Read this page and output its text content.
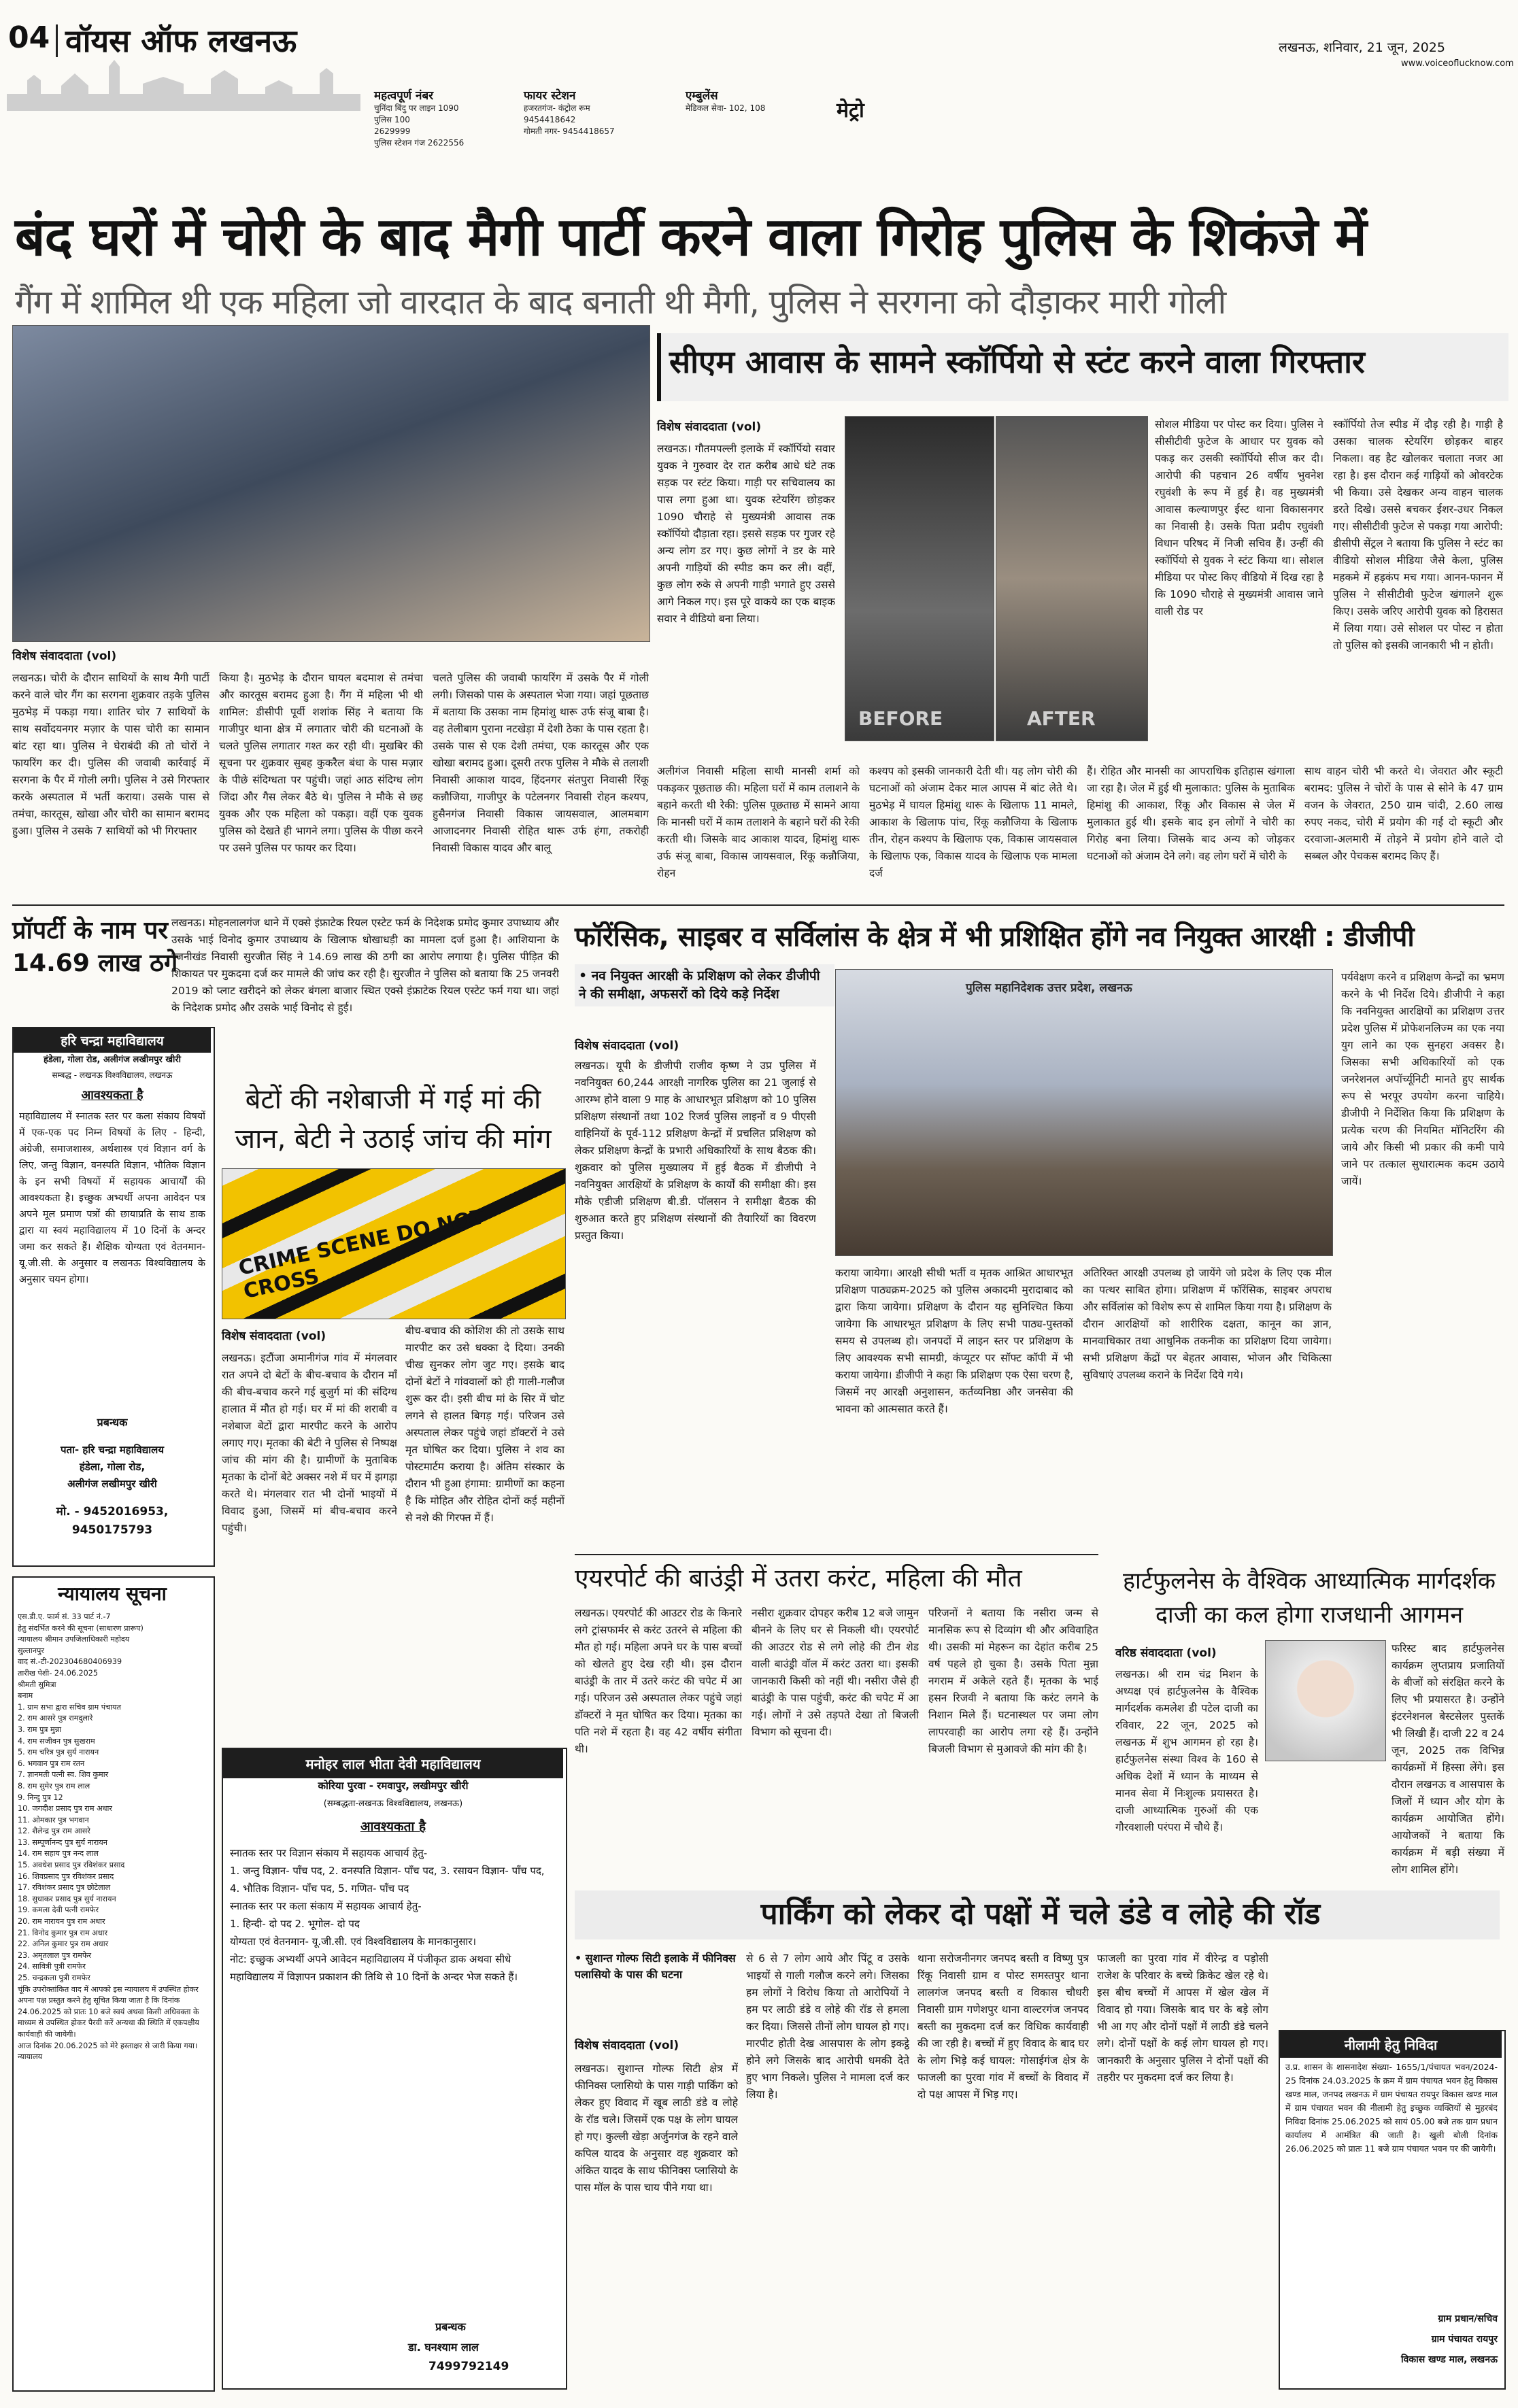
04 वॉयस ऑफ लखनऊ
महत्वपूर्ण नंबर
चुनिंदा बिंदु पर लाइन 1090
पुलिस 100
2629999
पुलिस स्टेशन गंज 2622556
फायर स्टेशन
हजरतगंज- कंट्रोल रूम
9454418642
गोमती नगर- 9454418657
एम्बुलेंस
मेडिकल सेवा- 102, 108	मेट्रो
लखनऊ, शनिवार, 21 जून, 2025
www.voiceoflucknow.com
बंद घरों में चोरी के बाद मैगी पार्टी करने वाला गिरोह पुलिस के शिकंजे में
गैंग में शामिल थी एक महिला जो वारदात के बाद बनाती थी मैगी, पुलिस ने सरगना को दौड़ाकर मारी गोली
विशेष संवाददाता (vol)
लखनऊ। चोरी के दौरान साथियों के साथ मैगी पार्टी करने वाले चोर गैंग का सरगना शुक्रवार तड़के पुलिस मुठभेड़ में पकड़ा गया। शातिर चोर 7 साथियों के साथ सर्वोदयनगर मज़ार के पास चोरी का सामान बांट रहा था। पुलिस ने घेराबंदी की तो चोरों ने फायरिंग कर दी। पुलिस की जवाबी कार्रवाई में सरगना के पैर में गोली लगी। पुलिस ने उसे गिरफ्तार करके अस्पताल में भर्ती कराया। उसके पास से तमंचा, कारतूस, खोखा और चोरी का सामान बरामद हुआ। पुलिस ने उसके 7 साथियों को भी गिरफ्तार
किया है। मुठभेड़ के दौरान घायल बदमाश से तमंचा और कारतूस बरामद हुआ है। गैंग में महिला भी थी शामिल: डीसीपी पूर्वी शशांक सिंह ने बताया कि गाजीपुर थाना क्षेत्र में लगातार चोरी की घटनाओं के चलते पुलिस लगातार गश्त कर रही थी। मुखबिर की सूचना पर शुक्रवार सुबह कुकरैल बंधा के पास मज़ार के पीछे संदिग्धता पर पहुंची। जहां आठ संदिग्ध लोग जिंदा और गैस लेकर बैठे थे। पुलिस ने मौके से छह युवक और एक महिला को पकड़ा। वहीं एक युवक पुलिस को देखते ही भागने लगा। पुलिस के पीछा करने पर उसने पुलिस पर फायर कर दिया।
चलते पुलिस की जवाबी फायरिंग में उसके पैर में गोली लगी। जिसको पास के अस्पताल भेजा गया। जहां पूछताछ में बताया कि उसका नाम हिमांशु थारू उर्फ संजू बाबा है। वह तेलीबाग पुराना नटखेड़ा में देशी ठेका के पास रहता है। उसके पास से एक देशी तमंचा, एक कारतूस और एक खोखा बरामद हुआ। दूसरी तरफ पुलिस ने मौके से तलाशी निवासी आकाश यादव, हिंदनगर संतपुरा निवासी रिंकू कन्नौजिया, गाजीपुर के पटेलनगर निवासी रोहन कश्यप, हुसैनगंज निवासी विकास जायसवाल, आलमबाग आजादनगर निवासी रोहित थारू उर्फ हंगा, तकरोही निवासी विकास यादव और बालू
सीएम आवास के सामने स्कॉर्पियो से स्टंट करने वाला गिरफ्तार
विशेष संवाददाता (vol)
लखनऊ। गौतमपल्ली इलाके में स्कॉर्पियो सवार युवक ने गुरुवार देर रात करीब आधे घंटे तक सड़क पर स्टंट किया। गाड़ी पर सचिवालय का पास लगा हुआ था। युवक स्टेयरिंग छोड़कर 1090 चौराहे से मुख्यमंत्री आवास तक स्कॉर्पियो दौड़ाता रहा। इससे सड़क पर गुजर रहे अन्य लोग डर गए। कुछ लोगों ने डर के मारे अपनी गाड़ियों की स्पीड कम कर ली। वहीं, कुछ लोग रुके से अपनी गाड़ी भगाते हुए उससे आगे निकल गए। इस पूरे वाकये का एक बाइक सवार ने वीडियो बना लिया।
BEFORE	AFTER
सोशल मीडिया पर पोस्ट कर दिया। पुलिस ने सीसीटीवी फुटेज के आधार पर युवक को पकड़ कर उसकी स्कॉर्पियो सीज कर दी। आरोपी की पहचान 26 वर्षीय भुवनेश रघुवंशी के रूप में हुई है। वह मुख्यमंत्री आवास कल्याणपुर ईस्ट थाना विकासनगर का निवासी है। उसके पिता प्रदीप रघुवंशी विधान परिषद में निजी सचिव हैं। उन्हीं की स्कॉर्पियो से युवक ने स्टंट किया था। सोशल मीडिया पर पोस्ट किए वीडियो में दिख रहा है कि 1090 चौराहे से मुख्यमंत्री आवास जाने वाली रोड पर
स्कॉर्पियो तेज स्पीड में दौड़ रही है। गाड़ी है उसका चालक स्टेयरिंग छोड़कर बाहर निकला। वह हैट खोलकर चलाता नजर आ रहा है। इस दौरान कई गाड़ियों को ओवरटेक भी किया। उसे देखकर अन्य वाहन चालक डरते दिखे। उससे बचकर ईशर-उधर निकल गए। सीसीटीवी फुटेज से पकड़ा गया आरोपी: डीसीपी सेंट्रल ने बताया कि पुलिस ने स्टंट का वीडियो सोशल मीडिया जैसे केला, पुलिस महकमे में हड़कंप मच गया। आनन-फानन में पुलिस ने सीसीटीवी फुटेज खंगालने शुरू किए। उसके जरिए आरोपी युवक को हिरासत में लिया गया। उसे सोशल पर पोस्ट न होता तो पुलिस को इसकी जानकारी भी न होती।
अलीगंज निवासी महिला साथी मानसी शर्मा को पकड़कर पूछताछ की। महिला घरों में काम तलाशने के बहाने करती थी रेकी: पुलिस पूछताछ में सामने आया कि मानसी घरों में काम तलाशने के बहाने घरों की रेकी करती थी। जिसके बाद आकाश यादव, हिमांशु थारू उर्फ संजू बाबा, विकास जायसवाल, रिंकू कन्नौजिया, रोहन
कश्यप को इसकी जानकारी देती थी। यह लोग चोरी की घटनाओं को अंजाम देकर माल आपस में बांट लेते थे। मुठभेड़ में घायल हिमांशु थारू के खिलाफ 11 मामले, आकाश के खिलाफ पांच, रिंकू कन्नौजिया के खिलाफ तीन, रोहन कश्यप के खिलाफ एक, विकास जायसवाल के खिलाफ एक, विकास यादव के खिलाफ एक मामला दर्ज
हैं। रोहित और मानसी का आपराधिक इतिहास खंगाला जा रहा है। जेल में हुई थी मुलाकात: पुलिस के मुताबिक हिमांशु की आकाश, रिंकू और विकास से जेल में मुलाकात हुई थी। इसके बाद इन लोगों ने चोरी का गिरोह बना लिया। जिसके बाद अन्य को जोड़कर घटनाओं को अंजाम देने लगे। वह लोग घरों में चोरी के
साथ वाहन चोरी भी करते थे। जेवरात और स्कूटी बरामद: पुलिस ने चोरों के पास से सोने के 47 ग्राम वजन के जेवरात, 250 ग्राम चांदी, 2.60 लाख रुपए नकद, चोरी में प्रयोग की गई दो स्कूटी और दरवाजा-अलमारी में तोड़ने में प्रयोग होने वाले दो सब्बल और पेचकस बरामद किए हैं।
प्रॉपर्टी के नाम पर
14.69 लाख ठगे
लखनऊ। मोहनलालगंज थाने में एक्से इंफ्राटेक रियल एस्टेट फर्म के निदेशक प्रमोद कुमार उपाध्याय और उसके भाई विनोद कुमार उपाध्याय के खिलाफ धोखाधड़ी का मामला दर्ज हुआ है। आशियाना के रजनीखंड निवासी सुरजीत सिंह ने 14.69 लाख की ठगी का आरोप लगाया है। पुलिस पीड़ित की शिकायत पर मुकदमा दर्ज कर मामले की जांच कर रही है। सुरजीत ने पुलिस को बताया कि 25 जनवरी 2019 को प्लाट खरीदने को लेकर बंगला बाजार स्थित एक्से इंफ्राटेक रियल एस्टेट फर्म गया था। जहां के निदेशक प्रमोद और उसके भाई विनोद से हुई।
फॉरेंसिक, साइबर व सर्विलांस के क्षेत्र में भी प्रशिक्षित होंगे नव नियुक्त आरक्षी : डीजीपी
• नव नियुक्त आरक्षी के प्रशिक्षण को लेकर डीजीपी ने की समीक्षा, अफसरों को दिये कड़े निर्देश
विशेष संवाददाता (vol)
लखनऊ। यूपी के डीजीपी राजीव कृष्ण ने उप्र पुलिस में नवनियुक्त 60,244 आरक्षी नागरिक पुलिस का 21 जुलाई से आरम्भ होने वाला 9 माह के आधारभूत प्रशिक्षण को 10 पुलिस प्रशिक्षण संस्थानों तथा 102 रिजर्व पुलिस लाइनों व 9 पीएसी वाहिनियों के पूर्व-112 प्रशिक्षण केन्द्रों में प्रचलित प्रशिक्षण को लेकर प्रशिक्षण केन्द्रों के प्रभारी अधिकारियों के साथ बैठक की। शुक्रवार को पुलिस मुख्यालय में हुई बैठक में डीजीपी ने नवनियुक्त आरक्षियों के प्रशिक्षण के कार्यों की समीक्षा की। इस मौके एडीजी प्रशिक्षण बी.डी. पॉलसन ने समीक्षा बैठक की शुरुआत करते हुए प्रशिक्षण संस्थानों की तैयारियों का विवरण प्रस्तुत किया।
पुलिस महानिदेशक उत्तर प्रदेश, लखनऊ
कराया जायेगा। आरक्षी सीधी भर्ती व मृतक आश्रित आधारभूत प्रशिक्षण पाठ्यक्रम-2025 को पुलिस अकादमी मुरादाबाद को द्वारा किया जायेगा। प्रशिक्षण के दौरान यह सुनिश्चित किया जायेगा कि आधारभूत प्रशिक्षण के लिए सभी पाठ्य-पुस्तकों समय से उपलब्ध हो। जनपदों में लाइन स्तर पर प्रशिक्षण के लिए आवश्यक सभी सामग्री, कंप्यूटर पर सॉफ्ट कॉपी में भी कराया जायेगा। डीजीपी ने कहा कि प्रशिक्षण एक ऐसा चरण है, जिसमें नए आरक्षी अनुशासन, कर्तव्यनिष्ठा और जनसेवा की भावना को आत्मसात करते हैं।
अतिरिक्त आरक्षी उपलब्ध हो जायेंगे जो प्रदेश के लिए एक मील का पत्थर साबित होगा। प्रशिक्षण में फॉरेंसिक, साइबर अपराध और सर्विलांस को विशेष रूप से शामिल किया गया है। प्रशिक्षण के दौरान आरक्षियों को शारीरिक दक्षता, कानून का ज्ञान, मानवाधिकार तथा आधुनिक तकनीक का प्रशिक्षण दिया जायेगा। सभी प्रशिक्षण केंद्रों पर बेहतर आवास, भोजन और चिकित्सा सुविधाएं उपलब्ध कराने के निर्देश दिये गये।
पर्यवेक्षण करने व प्रशिक्षण केन्द्रों का भ्रमण करने के भी निर्देश दिये। डीजीपी ने कहा कि नवनियुक्त आरक्षियों का प्रशिक्षण उत्तर प्रदेश पुलिस में प्रोफेशनलिज्म का एक नया युग लाने का एक सुनहरा अवसर है। जिसका सभी अधिकारियों को एक जनरेशनल अपॉर्च्यूनिटी मानते हुए सार्थक रूप से भरपूर उपयोग करना चाहिये। डीजीपी ने निर्देशित किया कि प्रशिक्षण के प्रत्येक चरण की नियमित मॉनिटरिंग की जाये और किसी भी प्रकार की कमी पाये जाने पर तत्काल सुधारात्मक कदम उठाये जायें।
हरि चन्द्रा महाविद्यालय
हंडेला, गोला रोड, अलीगंज लखीमपुर खीरी
सम्बद्ध - लखनऊ विश्वविद्यालय, लखनऊ
आवश्यकता है
महाविद्यालय में स्नातक स्तर पर कला संकाय विषयों में एक-एक पद निम्न विषयों के लिए - हिन्दी, अंग्रेजी, समाजशास्त्र, अर्थशास्त्र एवं विज्ञान वर्ग के लिए, जन्तु विज्ञान, वनस्पति विज्ञान, भौतिक विज्ञान के इन सभी विषयों में सहायक आचार्यों की आवश्यकता है। इच्छुक अभ्यर्थी अपना आवेदन पत्र अपने मूल प्रमाण पत्रों की छायाप्रति के साथ डाक द्वारा या स्वयं महाविद्यालय में 10 दिनों के अन्दर जमा कर सकते हैं। शैक्षिक योग्यता एवं वेतनमान- यू.जी.सी. के अनुसार व लखनऊ विश्वविद्यालय के अनुसार चयन होगा।
प्रबन्धक
पता- हरि चन्द्रा महाविद्यालय
हंडेला, गोला रोड,
अलीगंज लखीमपुर खीरी
मो. - 9452016953,
9450175793
न्यायालय सूचना
एस.डी.ए. फार्म सं. 33 पार्ट नं.-7
हेतु संदर्भित करने की सूचना (साधारण प्रारूप)
न्यायालय श्रीमान उपजिलाधिकारी महोदय
सुल्तानपुर
वाद सं.-टी-202304680406939
तारीख पेशी- 24.06.2025
श्रीमती सुमित्रा
बनाम
1. ग्राम सभा द्वारा सचिव ग्राम पंचायत
2. राम आसरे पुत्र रामदुलारे
3. राम पुत्र मुन्ना
4. राम सजीवन पुत्र सुखराम
5. राम चरित्र पुत्र सुर्य नारायन
6. भगवान पुत्र राम रतन
7. ज्ञानमती पत्नी स्व. शिव कुमार
8. राम सुमेर पुत्र राम लाल
9. निन्दु पुत्र 12
10. जगदीश प्रसाद पुत्र राम अधार
11. ओमकार पुत्र भगवान
12. शैलेन्द्र पुत्र राम आसरे
13. सम्पूर्णानन्द पुत्र सुर्य नारायन
14. राम सहाय पुत्र नन्द लाल
15. अवधेश प्रसाद पुत्र रविशंकर प्रसाद
16. शिवप्रसाद पुत्र रविशंकर प्रसाद
17. रविशंकर प्रसाद पुत्र छोटेलाल
18. सुधाकर प्रसाद पुत्र सुर्य नारायन
19. कमला देवी पत्नी रामफेर
20. राम नारायन पुत्र राम अधार
21. विनोद कुमार पुत्र राम अधार
22. अनिल कुमार पुत्र राम अधार
23. अमृतलाल पुत्र रामफेर
24. सावित्री पुत्री रामफेर
25. चन्द्रकला पुत्री रामफेर
चूंकि उपरोक्तांकित वाद में आपको इस न्यायालय में उपस्थित होकर अपना पक्ष प्रस्तुत करने हेतु सूचित किया जाता है कि दिनांक 24.06.2025 को प्रातः 10 बजे स्वयं अथवा किसी अधिवक्ता के माध्यम से उपस्थित होकर पैरवी करें अन्यथा की स्थिति में एकपक्षीय कार्यवाही की जायेगी।
आज दिनांक 20.06.2025 को मेरे हस्ताक्षर से जारी किया गया।
न्यायालय
बेटों की नशेबाजी में गई मां की जान, बेटी ने उठाई जांच की मांग
CRIME SCENE DO NOT CROSS
विशेष संवाददाता (vol)
लखनऊ। इटौंजा अमानीगंज गांव में मंगलवार रात अपने दो बेटों के बीच-बचाव के दौरान माँ की बीच-बचाव करने गई बुजुर्ग मां की संदिग्ध हालात में मौत हो गई। घर में मां की शराबी व नशेबाज बेटों द्वारा मारपीट करने के आरोप लगाए गए। मृतका की बेटी ने पुलिस से निष्पक्ष जांच की मांग की है। ग्रामीणों के मुताबिक मृतका के दोनों बेटे अक्सर नशे में घर में झगड़ा करते थे। मंगलवार रात भी दोनों भाइयों में विवाद हुआ, जिसमें मां बीच-बचाव करने पहुंची।
बीच-बचाव की कोशिश की तो उसके साथ मारपीट कर उसे धक्का दे दिया। उनकी चीख सुनकर लोग जुट गए। इसके बाद दोनों बेटों ने गांववालों को ही गाली-गलौज शुरू कर दी। इसी बीच मां के सिर में चोट लगने से हालत बिगड़ गई। परिजन उसे अस्पताल लेकर पहुंचे जहां डॉक्टरों ने उसे मृत घोषित कर दिया। पुलिस ने शव का पोस्टमार्टम कराया है। अंतिम संस्कार के दौरान भी हुआ हंगामा: ग्रामीणों का कहना है कि मोहित और रोहित दोनों कई महीनों से नशे की गिरफ्त में हैं।
मनोहर लाल भीता देवी महाविद्यालय
कोरिया पुरवा - रमवापुर, लखीमपुर खीरी
(सम्बद्धता-लखनऊ विश्वविद्यालय, लखनऊ)
आवश्यकता है
स्नातक स्तर पर विज्ञान संकाय में सहायक आचार्य हेतु-
1. जन्तु विज्ञान- पाँच पद, 2. वनस्पति विज्ञान- पाँच पद, 3. रसायन विज्ञान- पाँच पद, 4. भौतिक विज्ञान- पाँच पद, 5. गणित- पाँच पद
स्नातक स्तर पर कला संकाय में सहायक आचार्य हेतु-
1. हिन्दी- दो पद 2. भूगोल- दो पद
योग्यता एवं वेतनमान- यू.जी.सी. एवं विश्वविद्यालय के मानकानुसार।
नोट: इच्छुक अभ्यर्थी अपने आवेदन महाविद्यालय में पंजीकृत डाक अथवा सीधे महाविद्यालय में विज्ञापन प्रकाशन की तिथि से 10 दिनों के अन्दर भेज सकते हैं।
प्रबन्धक
डा. घनश्याम लाल
7499792149
एयरपोर्ट की बाउंड्री में उतरा करंट, महिला की मौत
लखनऊ। एयरपोर्ट की आउटर रोड के किनारे लगे ट्रांसफार्मर से करंट उतरने से महिला की मौत हो गई। महिला अपने घर के पास बच्चों को खेलते हुए देख रही थी। इस दौरान बाउंड्री के तार में उतरे करंट की चपेट में आ गई। परिजन उसे अस्पताल लेकर पहुंचे जहां डॉक्टरों ने मृत घोषित कर दिया। मृतका का पति नशे में रहता है। वह 42 वर्षीय संगीता थी।
नसीरा शुक्रवार दोपहर करीब 12 बजे जामुन बीनने के लिए घर से निकली थी। एयरपोर्ट की आउटर रोड से लगे लोहे की टीन शेड वाली बाउंड्री वॉल में करंट उतरा था। इसकी जानकारी किसी को नहीं थी। नसीरा जैसे ही बाउंड्री के पास पहुंची, करंट की चपेट में आ गई। लोगों ने उसे तड़पते देखा तो बिजली विभाग को सूचना दी।
परिजनों ने बताया कि नसीरा जन्म से मानसिक रूप से दिव्यांग थी और अविवाहित थी। उसकी मां मेहरून का देहांत करीब 25 वर्ष पहले हो चुका है। उसके पिता मुन्ना नगराम में अकेले रहते हैं। मृतका के भाई हसन रिजवी ने बताया कि करंट लगने के निशान मिले हैं। घटनास्थल पर जमा लोग लापरवाही का आरोप लगा रहे हैं। उन्होंने बिजली विभाग से मुआवजे की मांग की है।
हार्टफुलनेस के वैश्विक आध्यात्मिक मार्गदर्शक दाजी का कल होगा राजधानी आगमन
वरिष्ठ संवाददाता (vol)
लखनऊ। श्री राम चंद्र मिशन के अध्यक्ष एवं हार्टफुलनेस के वैश्विक मार्गदर्शक कमलेश डी पटेल दाजी का रविवार, 22 जून, 2025 को लखनऊ में शुभ आगमन हो रहा है। हार्टफुलनेस संस्था विश्व के 160 से अधिक देशों में ध्यान के माध्यम से मानव सेवा में निःशुल्क प्रयासरत है। दाजी आध्यात्मिक गुरुओं की एक गौरवशाली परंपरा में चौथे हैं।
फरिस्ट बाद हार्टफुलनेस कार्यक्रम लुप्तप्राय प्रजातियों के बीजों को संरक्षित करने के लिए भी प्रयासरत है। उन्होंने इंटरनेशनल बेस्टसेलर पुस्तकें भी लिखी हैं। दाजी 22 व 24 जून, 2025 तक विभिन्न कार्यक्रमों में हिस्सा लेंगे। इस दौरान लखनऊ व आसपास के जिलों में ध्यान और योग के कार्यक्रम आयोजित होंगे। आयोजकों ने बताया कि कार्यक्रम में बड़ी संख्या में लोग शामिल होंगे।
पार्किंग को लेकर दो पक्षों में चले डंडे व लोहे की रॉड
• सुशान्त गोल्फ सिटी इलाके में फीनिक्स पलासियो के पास की घटना
विशेष संवाददाता (vol)
लखनऊ। सुशान्त गोल्फ सिटी क्षेत्र में फीनिक्स प्लासियो के पास गाड़ी पार्किंग को लेकर हुए विवाद में खूब लाठी डंडे व लोहे के रॉड चले। जिसमें एक पक्ष के लोग घायल हो गए। कुल्ली खेड़ा अर्जुनगंज के रहने वाले कपिल यादव के अनुसार वह शुक्रवार को अंकित यादव के साथ फीनिक्स प्लासियो के पास मॉल के पास चाय पीने गया था।
से 6 से 7 लोग आये और पिंटू व उसके भाइयों से गाली गलौज करने लगे। जिसका हम लोगों ने विरोध किया तो आरोपियों ने हम पर लाठी डंडे व लोहे की रॉड से हमला कर दिया। जिससे तीनों लोग घायल हो गए। मारपीट होती देख आसपास के लोग इकट्ठे होने लगे जिसके बाद आरोपी धमकी देते हुए भाग निकले। पुलिस ने मामला दर्ज कर लिया है।
थाना सरोजनीनगर जनपद बस्ती व विष्णु पुत्र रिंकू निवासी ग्राम व पोस्ट समस्तपुर थाना लालगंज जनपद बस्ती व विकास चौधरी निवासी ग्राम गणेशपुर थाना वाल्टरगंज जनपद बस्ती का मुकदमा दर्ज कर विधिक कार्यवाही की जा रही है। बच्चों में हुए विवाद के बाद घर के लोग भिड़े कई घायल: गोसाईगंज क्षेत्र के फाजली का पुरवा गांव में बच्चों के विवाद में दो पक्ष आपस में भिड़ गए।
फाजली का पुरवा गांव में वीरेन्द्र व पड़ोसी राजेश के परिवार के बच्चे क्रिकेट खेल रहे थे। इस बीच बच्चों में आपस में खेल खेल में विवाद हो गया। जिसके बाद घर के बड़े लोग भी आ गए और दोनों पक्षों में लाठी डंडे चलने लगे। दोनों पक्षों के कई लोग घायल हो गए। जानकारी के अनुसार पुलिस ने दोनों पक्षों की तहरीर पर मुकदमा दर्ज कर लिया है।
नीलामी हेतु निविदा
उ.प्र. शासन के शासनादेश संख्या- 1655/1/पंचायत भवन/2024-25 दिनांक 24.03.2025 के क्रम में ग्राम पंचायत भवन हेतु विकास खण्ड माल, जनपद लखनऊ में ग्राम पंचायत रायपुर विकास खण्ड माल में ग्राम पंचायत भवन की नीलामी हेतु इच्छुक व्यक्तियों से मुहरबंद निविदा दिनांक 25.06.2025 को सायं 05.00 बजे तक ग्राम प्रधान कार्यालय में आमंत्रित की जाती है। खुली बोली दिनांक 26.06.2025 को प्रातः 11 बजे ग्राम पंचायत भवन पर की जायेगी।
ग्राम प्रधान/सचिव
ग्राम पंचायत रायपुर
विकास खण्ड माल, लखनऊ
